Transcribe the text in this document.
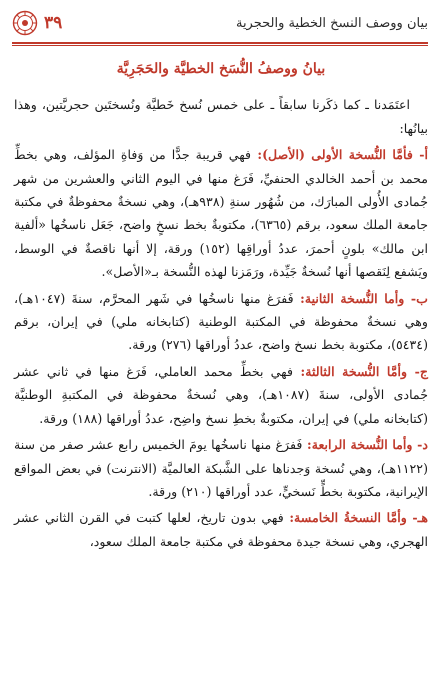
بيان ووصف النسخ الخطية والحجرية
٣٩
بيانُ ووصفُ النُّسَخ الخطيَّة والحَجَرِيَّة

اعتَمَدنا ـ كما ذكَرنا سابقاً ـ على خمس نُسخ خَطيَّة ونُسختَين حجريَّتين، وهذا بيانُها:

أ- فأمَّا النُّسخة الأولى (الأصل): فهي قريبة جدًّا من وَفاةِ المؤلف، وهي بخطِّ محمد بن أحمد الخالدي الحنفيِّ، فَرَغ منها في اليوم الثاني والعشرين من شهر جُمادى الأُولى المبارَك، من شُهُور سنةِ (٩٣٨هـ)، وهي نسخةٌ محفوظةٌ في مكتبة جامعة الملك سعود، برقم (٦٣٦٥)، مكتوبةٌ بخط نسخٍ واضح، جَعَل ناسخُها «ألفية ابن مالك» بلونٍ أحمرَ، عددُ أوراقِها (١٥٢) ورقة، إلا أنها ناقصةٌ في الوسط، ويَشفع لِنَقصها أنها نُسخةٌ جَيِّدة، ورَمَزنا لهذه النُّسخة بـ«الأصل».
ب- وأما النُّسخة الثانية: فَفرَغ منها ناسخُها في شَهر المحرَّم، سنةَ (١٠٤٧هـ)، وهي نسخةٌ محفوظة في المكتبة الوطنية (كتابخانه ملي) في إيران، برقم (٥٤٣٤)، مكتوبة بخط نسخ واضح، عددُ أوراقها (٢٧٦) ورقة.
ج- وأمَّا النُّسخة الثالثة: فهي بخطِّ محمد العاملي، فَرَغ منها في ثاني عشر جُمادى الأولى، سنةَ (١٠٨٧هـ)، وهي نُسخةٌ محفوظة في المكتبةِ الوطنيَّة (كتابخانه ملي) في إيران، مكتوبةٌ بخطِ نسخ واضِح، عددُ أوراقها (١٨٨) ورقة.
د- وأما النُّسخة الرابعة: فَفرَغ منها ناسخُها يومَ الخميس رابع عشر صفر من سنة (١١٢٢هـ)، وهي نُسخة وَجدناها على الشَّبكة العالميَّة (الانترنت) في بعض المواقع الإيرانية، مكتوبة بخطٍّ نَسخيٍّ، عدد أوراقها (٢١٠) ورقة.
هـ- وأمَّا النسخةُ الخامسة: فهي بدون تاريخ، لعلها كتبت في القرن الثاني عشر الهجري، وهي نسخة جيدة محفوظة في مكتبة جامعة الملك سعود،
